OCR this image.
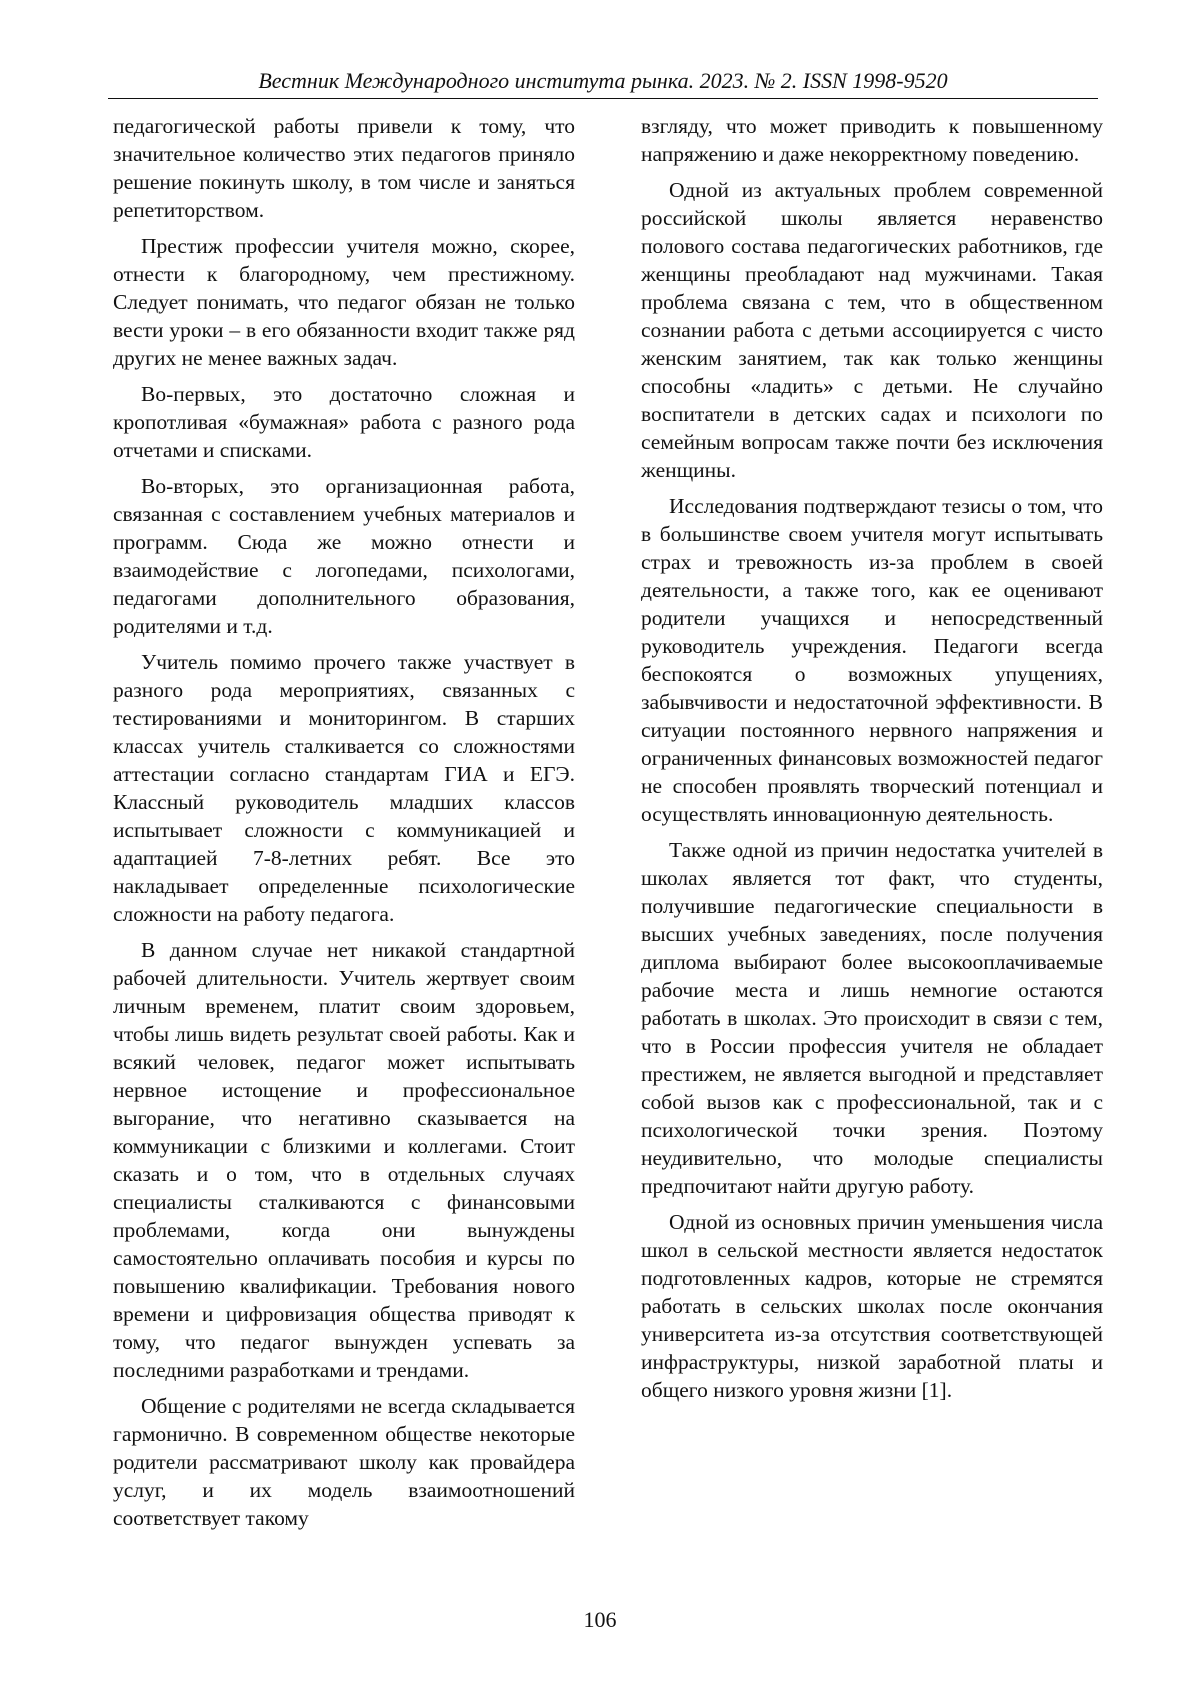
Вестник Международного института рынка. 2023. № 2. ISSN 1998-9520

педагогической работы привели к тому, что значительное количество этих педагогов приняло решение покинуть школу, в том числе и заняться репетиторством.

Престиж профессии учителя можно, скорее, отнести к благородному, чем престижному. Следует понимать, что педагог обязан не только вести уроки – в его обязанности входит также ряд других не менее важных задач.

Во-первых, это достаточно сложная и кропотливая «бумажная» работа с разного рода отчетами и списками.

Во-вторых, это организационная работа, связанная с составлением учебных материалов и программ. Сюда же можно отнести и взаимодействие с логопедами, психологами, педагогами дополнительного образования, родителями и т.д.

Учитель помимо прочего также участвует в разного рода мероприятиях, связанных с тестированиями и мониторингом. В старших классах учитель сталкивается со сложностями аттестации согласно стандартам ГИА и ЕГЭ. Классный руководитель младших классов испытывает сложности с коммуникацией и адаптацией 7-8-летних ребят. Все это накладывает определенные психологические сложности на работу педагога.

В данном случае нет никакой стандартной рабочей длительности. Учитель жертвует своим личным временем, платит своим здоровьем, чтобы лишь видеть результат своей работы. Как и всякий человек, педагог может испытывать нервное истощение и профессиональное выгорание, что негативно сказывается на коммуникации с близкими и коллегами. Стоит сказать и о том, что в отдельных случаях специалисты сталкиваются с финансовыми проблемами, когда они вынуждены самостоятельно оплачивать пособия и курсы по повышению квалификации. Требования нового времени и цифровизация общества приводят к тому, что педагог вынужден успевать за последними разработками и трендами.

Общение с родителями не всегда складывается гармонично. В современном обществе некоторые родители рассматривают школу как провайдера услуг, и их модель взаимоотношений соответствует такому

взгляду, что может приводить к повышенному напряжению и даже некорректному поведению.

Одной из актуальных проблем современной российской школы является неравенство полового состава педагогических работников, где женщины преобладают над мужчинами. Такая проблема связана с тем, что в общественном сознании работа с детьми ассоциируется с чисто женским занятием, так как только женщины способны «ладить» с детьми. Не случайно воспитатели в детских садах и психологи по семейным вопросам также почти без исключения женщины.

Исследования подтверждают тезисы о том, что в большинстве своем учителя могут испытывать страх и тревожность из-за проблем в своей деятельности, а также того, как ее оценивают родители учащихся и непосредственный руководитель учреждения. Педагоги всегда беспокоятся о возможных упущениях, забывчивости и недостаточной эффективности. В ситуации постоянного нервного напряжения и ограниченных финансовых возможностей педагог не способен проявлять творческий потенциал и осуществлять инновационную деятельность.

Также одной из причин недостатка учителей в школах является тот факт, что студенты, получившие педагогические специальности в высших учебных заведениях, после получения диплома выбирают более высокооплачиваемые рабочие места и лишь немногие остаются работать в школах. Это происходит в связи с тем, что в России профессия учителя не обладает престижем, не является выгодной и представляет собой вызов как с профессиональной, так и с психологической точки зрения. Поэтому неудивительно, что молодые специалисты предпочитают найти другую работу.

Одной из основных причин уменьшения числа школ в сельской местности является недостаток подготовленных кадров, которые не стремятся работать в сельских школах после окончания университета из-за отсутствия соответствующей инфраструктуры, низкой заработной платы и общего низкого уровня жизни [1].

106
